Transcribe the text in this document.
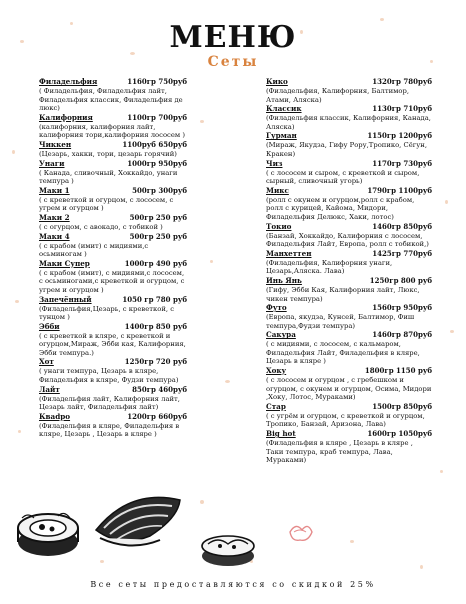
МЕНЮ
Сеты
Филадельфия	1160гр 750руб
( Филадельфия, Филадельфия лайт, Филадельфия классик, Филадельфия де люкс)
Калифорния	1100гр 700руб
(калифорния, калифорния лайт, калифорния тори,калифорния лососем )
Чиккен	1100руб 650руб
(Цезарь, хакки, тори, цезарь горячий)
Унаги	1000гр 950руб
( Канада, сливочный, Хоккайдо, унаги темпура )
Маки 1	500гр 300руб
( с креветкой и огурцом, с лососем, с угрем и огурцом )
Маки 2	500гр 250 руб
( с огурцом, с авокадо, с тобикой )
Маки 4	500гр 250 руб
( с крабом (имит) с мидиями,с осьминогам )
Маки Супер	1000гр 490 руб
( с крабом (имит), с мидиями,с лососем, с осьминогами,с креветкой и огурцом, с угрем и огурцом )
Запечённый	1050 гр 780 руб
(Филадельфия,Цезарь, с креветкой, с тунцом )
Эбби	1400гр 850 руб
( с креветкой в кляре, с креветкой и огурцом,Мираж, Эбби кая, Калифорния, Эбби темпура.)
Хот	1250гр 720 руб
( унаги темпура, Цезарь в кляре, Филадельфия в кляре, Фудзи темпура)
Лайт	850гр 460руб
(Филадельфия лайт, Калифорния лайт, Цезарь лайт, Филадельфия лайт)
Кваdро	1200гр 660руб
(Филадельфия в кляре, Филадельфия в кляре, Цезарь , Цезарь в кляре )
Кико	1320гр 780руб
(Филадельфия, Калифорния, Балтимор, Атами, Аляска)
Классик	1130гр 710руб
(Филадельфия классик, Калифорния, Канада, Аляска)
Гурман	1150гр 1200руб
(Мираж, Якудза, Гифу Рору,Тропико, Сёгун, Кракен)
Чиз	1170гр 730руб
( с лососем и сыром, с креветкой и сыром, сырный, сливочный угорь)
Микс	1790гр 1100руб
(ролл с окунем и огурцом,ролл с крабом, ролл с курицей, Кайома, Мидори, Филадельфия Делюкс, Хаки, лотос)
Токио	1460гр 850руб
(Банзай, Хоккайдо, Калифорния с лососем, Филадельфия Лайт, Европа, ролл с тобикой,)
Манхеттен	1425гр 770руб
(Филадельфия, Калифорния унаги, Цезарь,Аляска. Лава)
Инь Янь	1250гр 800 руб
(Гифу, Эбби Кая, Калифорния лайт, Люкс, чикен темпура)
Футо	1560гр 950руб
(Европа, якудза, Кунсей, Балтимор, Фиш темпура,Фудзи темпура)
Сакура	1460гр 870руб
( с мидиями, с лососем, с кальмаром, Филадельфия Лайт, Филадельфия в кляре, Цезарь в кляре )
Хоку	1800гр 1150 руб
( с лососем и огурцом , с гребешком и огурцом, с окунем и огурцом, Осима, Мидори ,Хоку, Лотос, Мураками)
Стар	1500гр 850руб
( с угрём и огурцом, с креветкой и огурцом, Тропико, Банзай, Аризона, Лава)
Big hot	1600гр 1050руб
(Филадельфия в кляре , Цезарь в кляре , Таки темпура, краб темпура, Лава, Мураками)
Все сеты предоставляются со скидкой 25%
